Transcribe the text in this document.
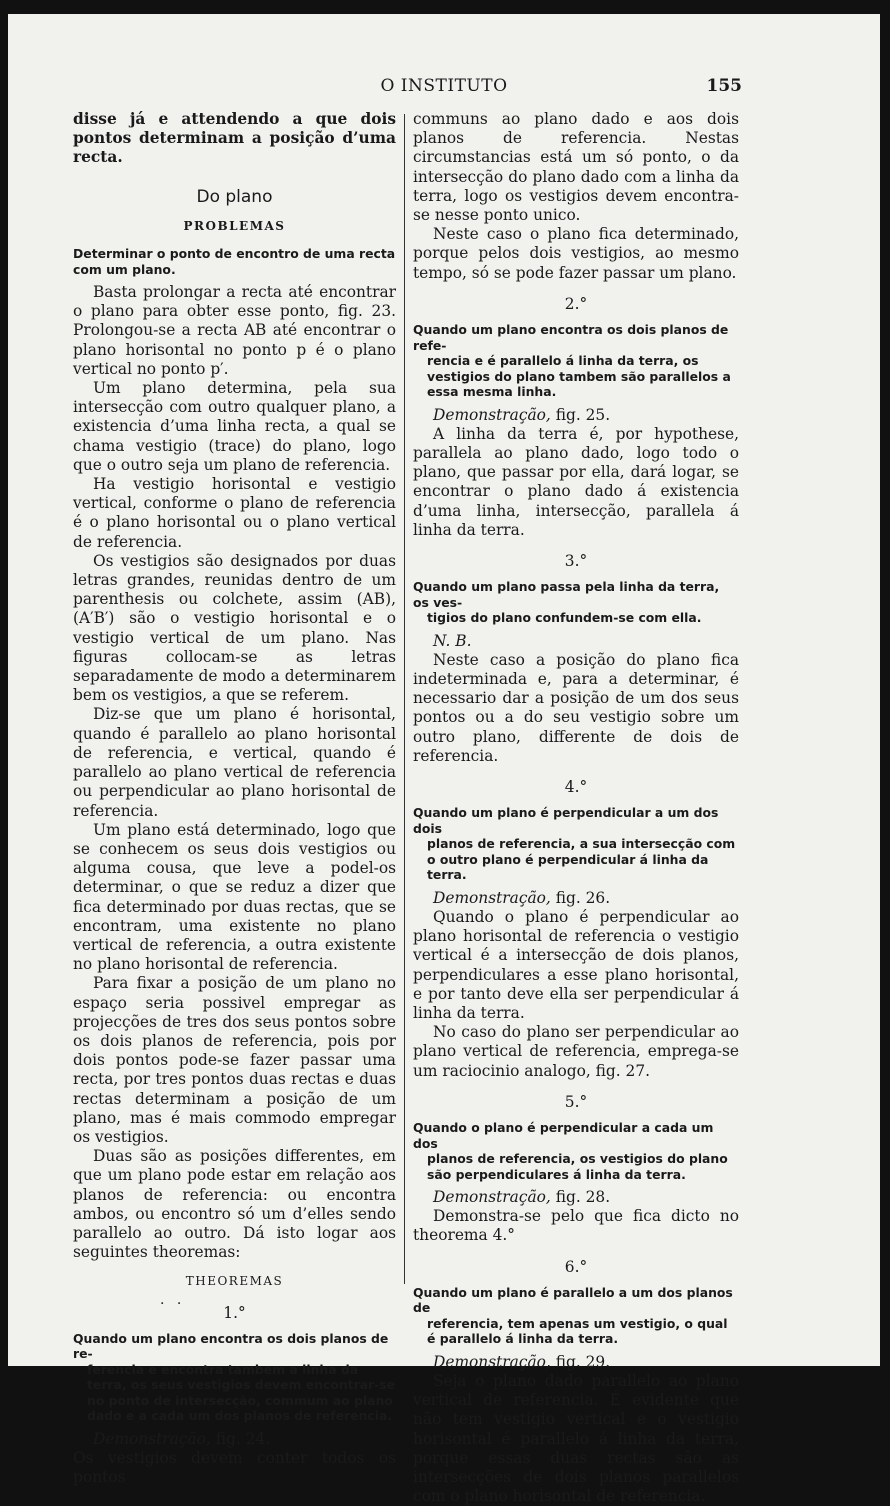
O INSTITUTO	155

disse já e attendendo a que dois pontos determinam a posição d’uma recta.

Do plano
PROBLEMAS
Determinar o ponto de encontro de uma recta com um plano.

Basta prolongar a recta até encontrar o plano para obter esse ponto, fig. 23. Prolongou-se a recta AB até encontrar o plano horisontal no ponto p é o plano vertical no ponto p′.

Um plano determina, pela sua intersecção com outro qualquer plano, a existencia d’uma linha recta, a qual se chama vestigio (trace) do plano, logo que o outro seja um plano de referencia.

Ha vestigio horisontal e vestigio vertical, conforme o plano de referencia é o plano horisontal ou o plano vertical de referencia.

Os vestigios são designados por duas letras grandes, reunidas dentro de um parenthesis ou colchete, assim (AB), (A′B′) são o vestigio horisontal e o vestigio vertical de um plano. Nas figuras collocam-se as letras separadamente de modo a determinarem bem os vestigios, a que se referem.

Diz-se que um plano é horisontal, quando é parallelo ao plano horisontal de referencia, e vertical, quando é parallelo ao plano vertical de referencia ou perpendicular ao plano horisontal de referencia.

Um plano está determinado, logo que se conhecem os seus dois vestigios ou alguma cousa, que leve a podel-os determinar, o que se reduz a dizer que fica determinado por duas rectas, que se encontram, uma existente no plano vertical de referencia, a outra existente no plano horisontal de referencia.

Para fixar a posição de um plano no espaço seria possivel empregar as projecções de tres dos seus pontos sobre os dois planos de referencia, pois por dois pontos pode-se fazer passar uma recta, por tres pontos duas rectas e duas rectas determinam a posição de um plano, mas é mais commodo empregar os vestigios.

Duas são as posições differentes, em que um plano pode estar em relação aos planos de referencia: ou encontra ambos, ou encontro só um d’elles sendo parallelo ao outro. Dá isto logar aos seguintes theoremas:

THEOREMAS
1.°
Quando um plano encontra os dois planos de re-
ferencia e encontra tambem a linha da terra, os seus vestigios devem encontrar-se no ponto de intersecção, commum ao plano dado e a cada um dos planos de referencia.

Demonstração, fig. 24.

Os vestigios devem conter todos os pontos

communs ao plano dado e aos dois planos de referencia. Nestas circumstancias está um só ponto, o da intersecção do plano dado com a linha da terra, logo os vestigios devem encontra-se nesse ponto unico.

Neste caso o plano fica determinado, porque pelos dois vestigios, ao mesmo tempo, só se pode fazer passar um plano.

2.°
Quando um plano encontra os dois planos de refe-
rencia e é parallelo á linha da terra, os vestigios do plano tambem são parallelos a essa mesma linha.

Demonstração, fig. 25.

A linha da terra é, por hypothese, parallela ao plano dado, logo todo o plano, que passar por ella, dará logar, se encontrar o plano dado á existencia d’uma linha, intersecção, parallela á linha da terra.

3.°
Quando um plano passa pela linha da terra, os ves-
tigios do plano confundem-se com ella.

N. B.

Neste caso a posição do plano fica indeterminada e, para a determinar, é necessario dar a posição de um dos seus pontos ou a do seu vestigio sobre um outro plano, differente de dois de referencia.

4.°
Quando um plano é perpendicular a um dos dois
planos de referencia, a sua intersecção com o outro plano é perpendicular á linha da terra.

Demonstração, fig. 26.

Quando o plano é perpendicular ao plano horisontal de referencia o vestigio vertical é a intersecção de dois planos, perpendiculares a esse plano horisontal, e por tanto deve ella ser perpendicular á linha da terra.

No caso do plano ser perpendicular ao plano vertical de referencia, emprega-se um raciocinio analogo, fig. 27.

5.°
Quando o plano é perpendicular a cada um dos
planos de referencia, os vestigios do plano são perpendiculares á linha da terra.

Demonstração, fig. 28.

Demonstra-se pelo que fica dicto no theorema 4.°

6.°
Quando um plano é parallelo a um dos planos de
referencia, tem apenas um vestigio, o qual é parallelo á linha da terra.

Demonstração, fig. 29.

Seja o plano dado parallelo ao plano vertical de referencia. É evidente que não tem vestigio vertical e o vestigio horisontal é parallelo á linha da terra, porque essas duas rectas são as intersecções de dois planos parallelos com o plano horisontal de referencia.

. .
